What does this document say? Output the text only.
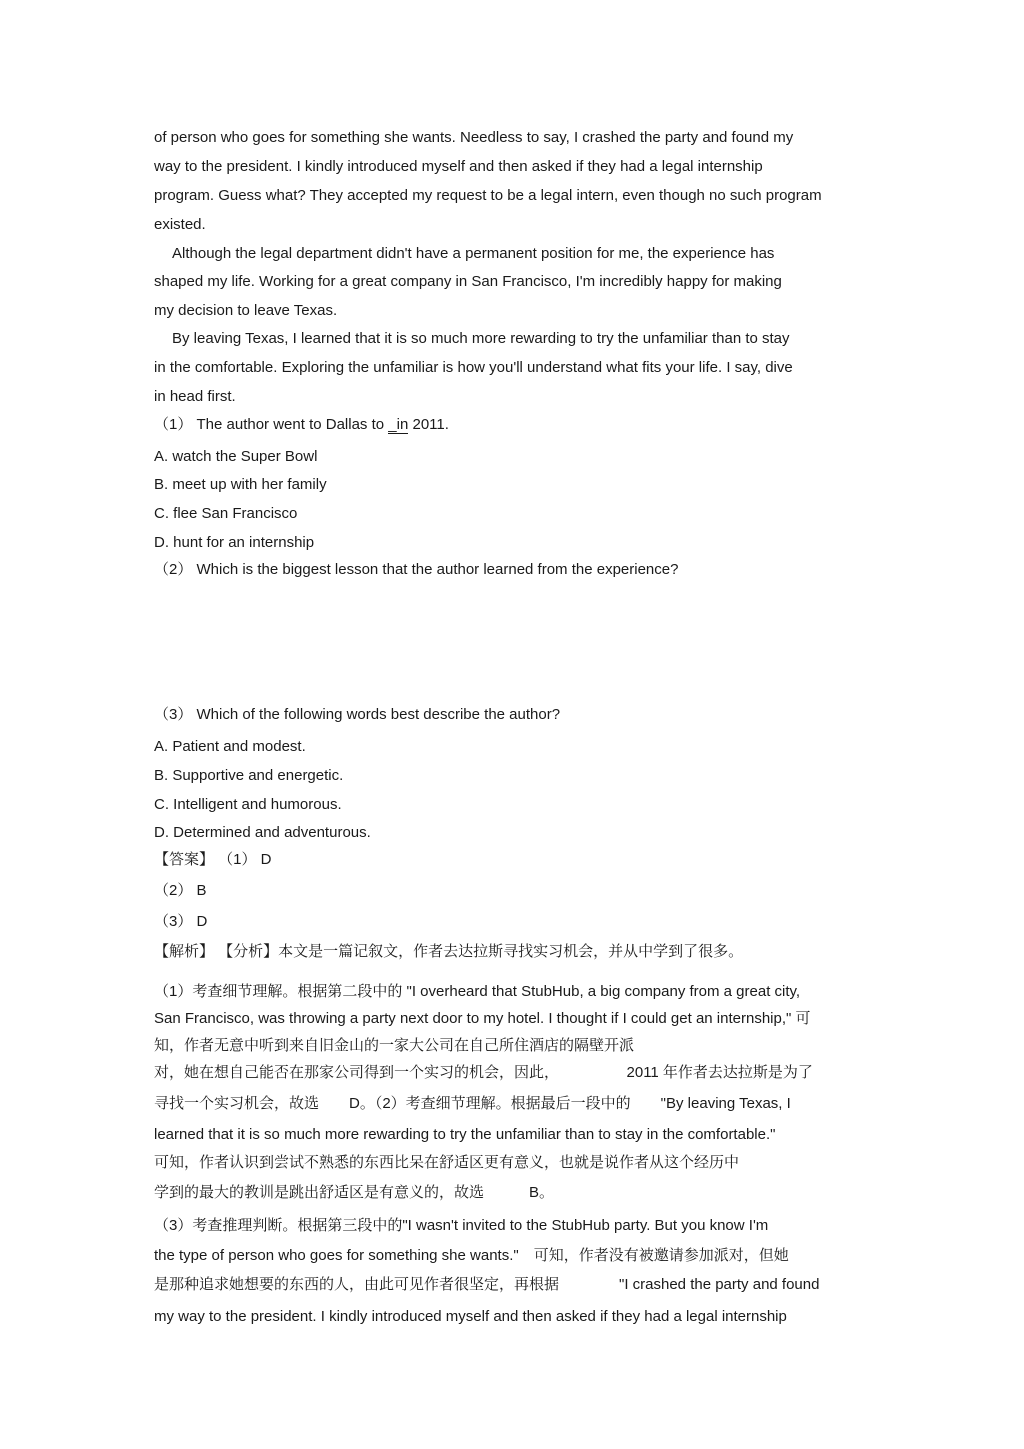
of person who goes for something she wants. Needless to say, I crashed the party and found my
way to the president. I kindly introduced myself and then asked if they had a legal internship
program. Guess what? They accepted my request to be a legal intern, even though no such program
existed.
Although the legal department didn't have a permanent position for me, the experience has
shaped my life. Working for a great company in San Francisco, I'm incredibly happy for making
my decision to leave Texas.
By leaving Texas, I learned that it is so much more rewarding to try the unfamiliar than to stay
in the comfortable. Exploring the unfamiliar is how you'll understand what fits your life. I say, dive
in head first.
（1） The author went to Dallas to _in 2011.
A. watch the Super Bowl
B. meet up with her family
C. flee San Francisco
D. hunt for an internship
（2） Which is the biggest lesson that the author learned from the experience?
（3） Which of the following words best describe the author?
A. Patient and modest.
B. Supportive and energetic.
C. Intelligent and humorous.
D. Determined and adventurous.
【答案】 （1） D
（2） B
（3） D
【解析】 【分析】本文是一篇记叙文，作者去达拉斯寻找实习机会，并从中学到了很多。
（1）考查细节理解。根据第二段中的 "I overheard that StubHub, a big company from a great city,
San Francisco, was throwing a party next door to my hotel. I thought if I could get an internship," 可
知，作者无意中听到来自旧金山的一家大公司在自己所住酒店的隔壁开派
对，她在想自己能否在那家公司得到一个实习的机会，因此，　　　　　2011 年作者去达拉斯是为了
寻找一个实习机会，故选　　D。（2）考查细节理解。根据最后一段中的　　"By leaving Texas, I
learned that it is so much more rewarding to try the unfamiliar than to stay in the comfortable."
可知，作者认识到尝试不熟悉的东西比呆在舒适区更有意义，也就是说作者从这个经历中
学到的最大的教训是跳出舒适区是有意义的，故选　　　B。
（3）考查推理判断。根据第三段中的"I wasn't invited to the StubHub party. But you know I'm
the type of person who goes for something she wants."　可知，作者没有被邀请参加派对，但她
是那种追求她想要的东西的人，由此可见作者很坚定，再根据　　　　"I crashed the party and found
my way to the president. I kindly introduced myself and then asked if they had a legal internship
